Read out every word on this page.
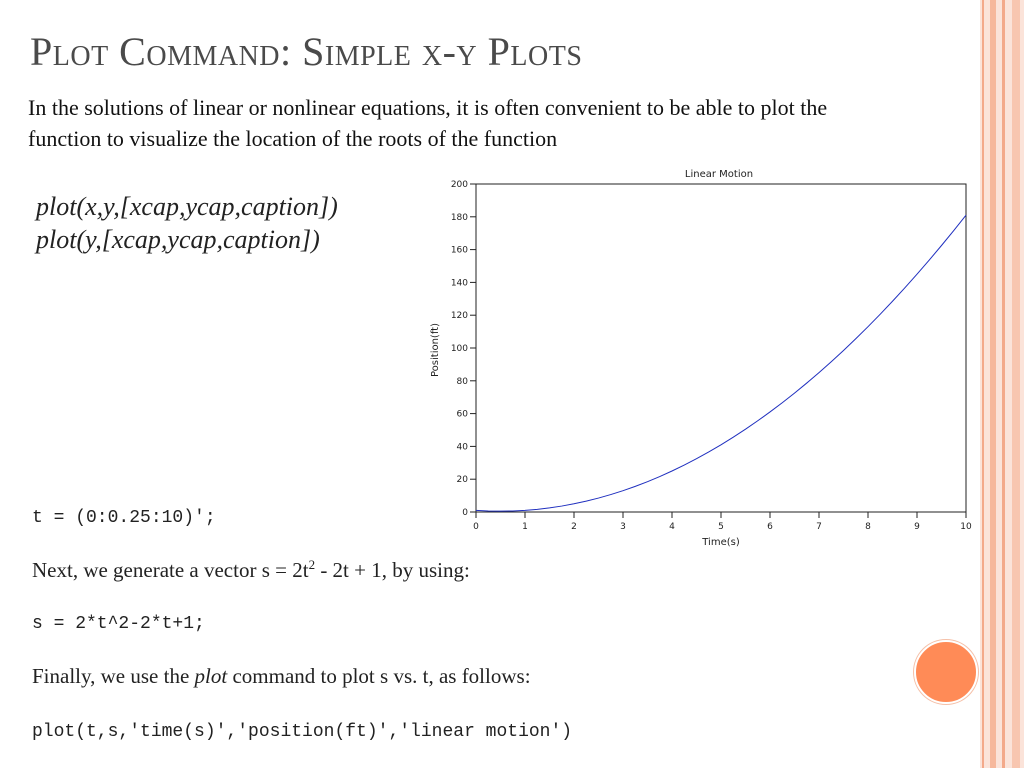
Plot Command: Simple x-y Plots
In the solutions of linear or nonlinear equations, it is often convenient to be able to plot the function to visualize the location of the roots of the function
plot(x,y,[xcap,ycap,caption])
plot(y,[xcap,ycap,caption])
Linear Motion
0
20
40
60
80
100
120
140
160
180
200
0	1	2	3	4	5	6	7	8	9	10
Time(s)
Position(ft)
t = (0:0.25:10)';
Next, we generate a vector $s = 2t^2 - 2t + 1$, by using:
s = 2*t^2-2*t+1;
Finally, we use the plot command to plot s vs. t, as follows:
plot(t,s,'time(s)','position(ft)','linear motion')
